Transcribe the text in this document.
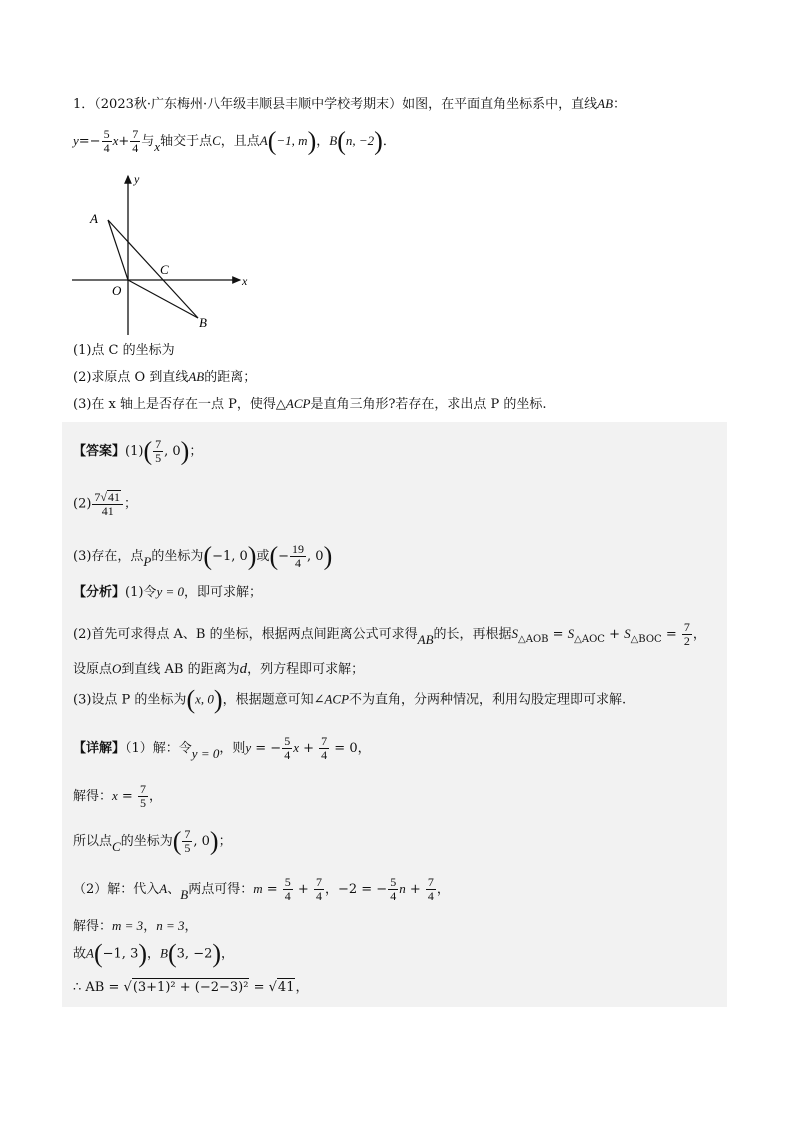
1．（2023秋·广东梅州·八年级丰顺县丰顺中学校考期末）如图，在平面直角坐标系中，直线AB：
$y=- \frac{5}{4} x+ \frac{7}{4}$ 与x轴交于点C，且点A(−1, m)，B(n, −2)．
y
x
O
A
B
C
(1)点 C 的坐标为
(2)求原点 O 到直线AB的距离；
(3)在 x 轴上是否存在一点 P，使得△ACP是直角三角形?若存在，求出点 P 的坐标.
【答案】$(1)( \frac{7}{5}$ , 0)；
$(2) \frac{7√41}{41}$ ；
(3)存在，点P的坐标为(−1, 0)或(− $\frac{19}{4}$ , 0)
【分析】(1)令y = 0，即可求解；
(2)首先可求得点 A、B 的坐标，根据两点间距离公式可求得AB的长，再根据$S_{\triangle AOB} = S_{\triangle AOC} + S_{\triangle BOC} = \frac{7}{2}$ ，
设原点O到直线 AB 的距离为d，列方程即可求解；
(3)设点 P 的坐标为(x, 0)，根据题意可知∠ACP不为直角，分两种情况，利用勾股定理即可求解.
【详解】（1）解：令y = 0，则y = − $\frac{5}{4}$ $x + \frac{7}{4} = 0$，
解得：$x = \frac{7}{5}$ ，
所以点C的坐标为( $\frac{7}{5}$ , 0)；
（2）解：代入A、B两点可得：$m = \frac{5}{4} + \frac{7}{4}$ ，−2 = − $\frac{5}{4}$ $n + \frac{7}{4}$ ，
解得：m = 3，n = 3，
故A(−1, 3)，B(3, −2)，
∴ AB = √(3+1)² + (−2−3)² = √41，
